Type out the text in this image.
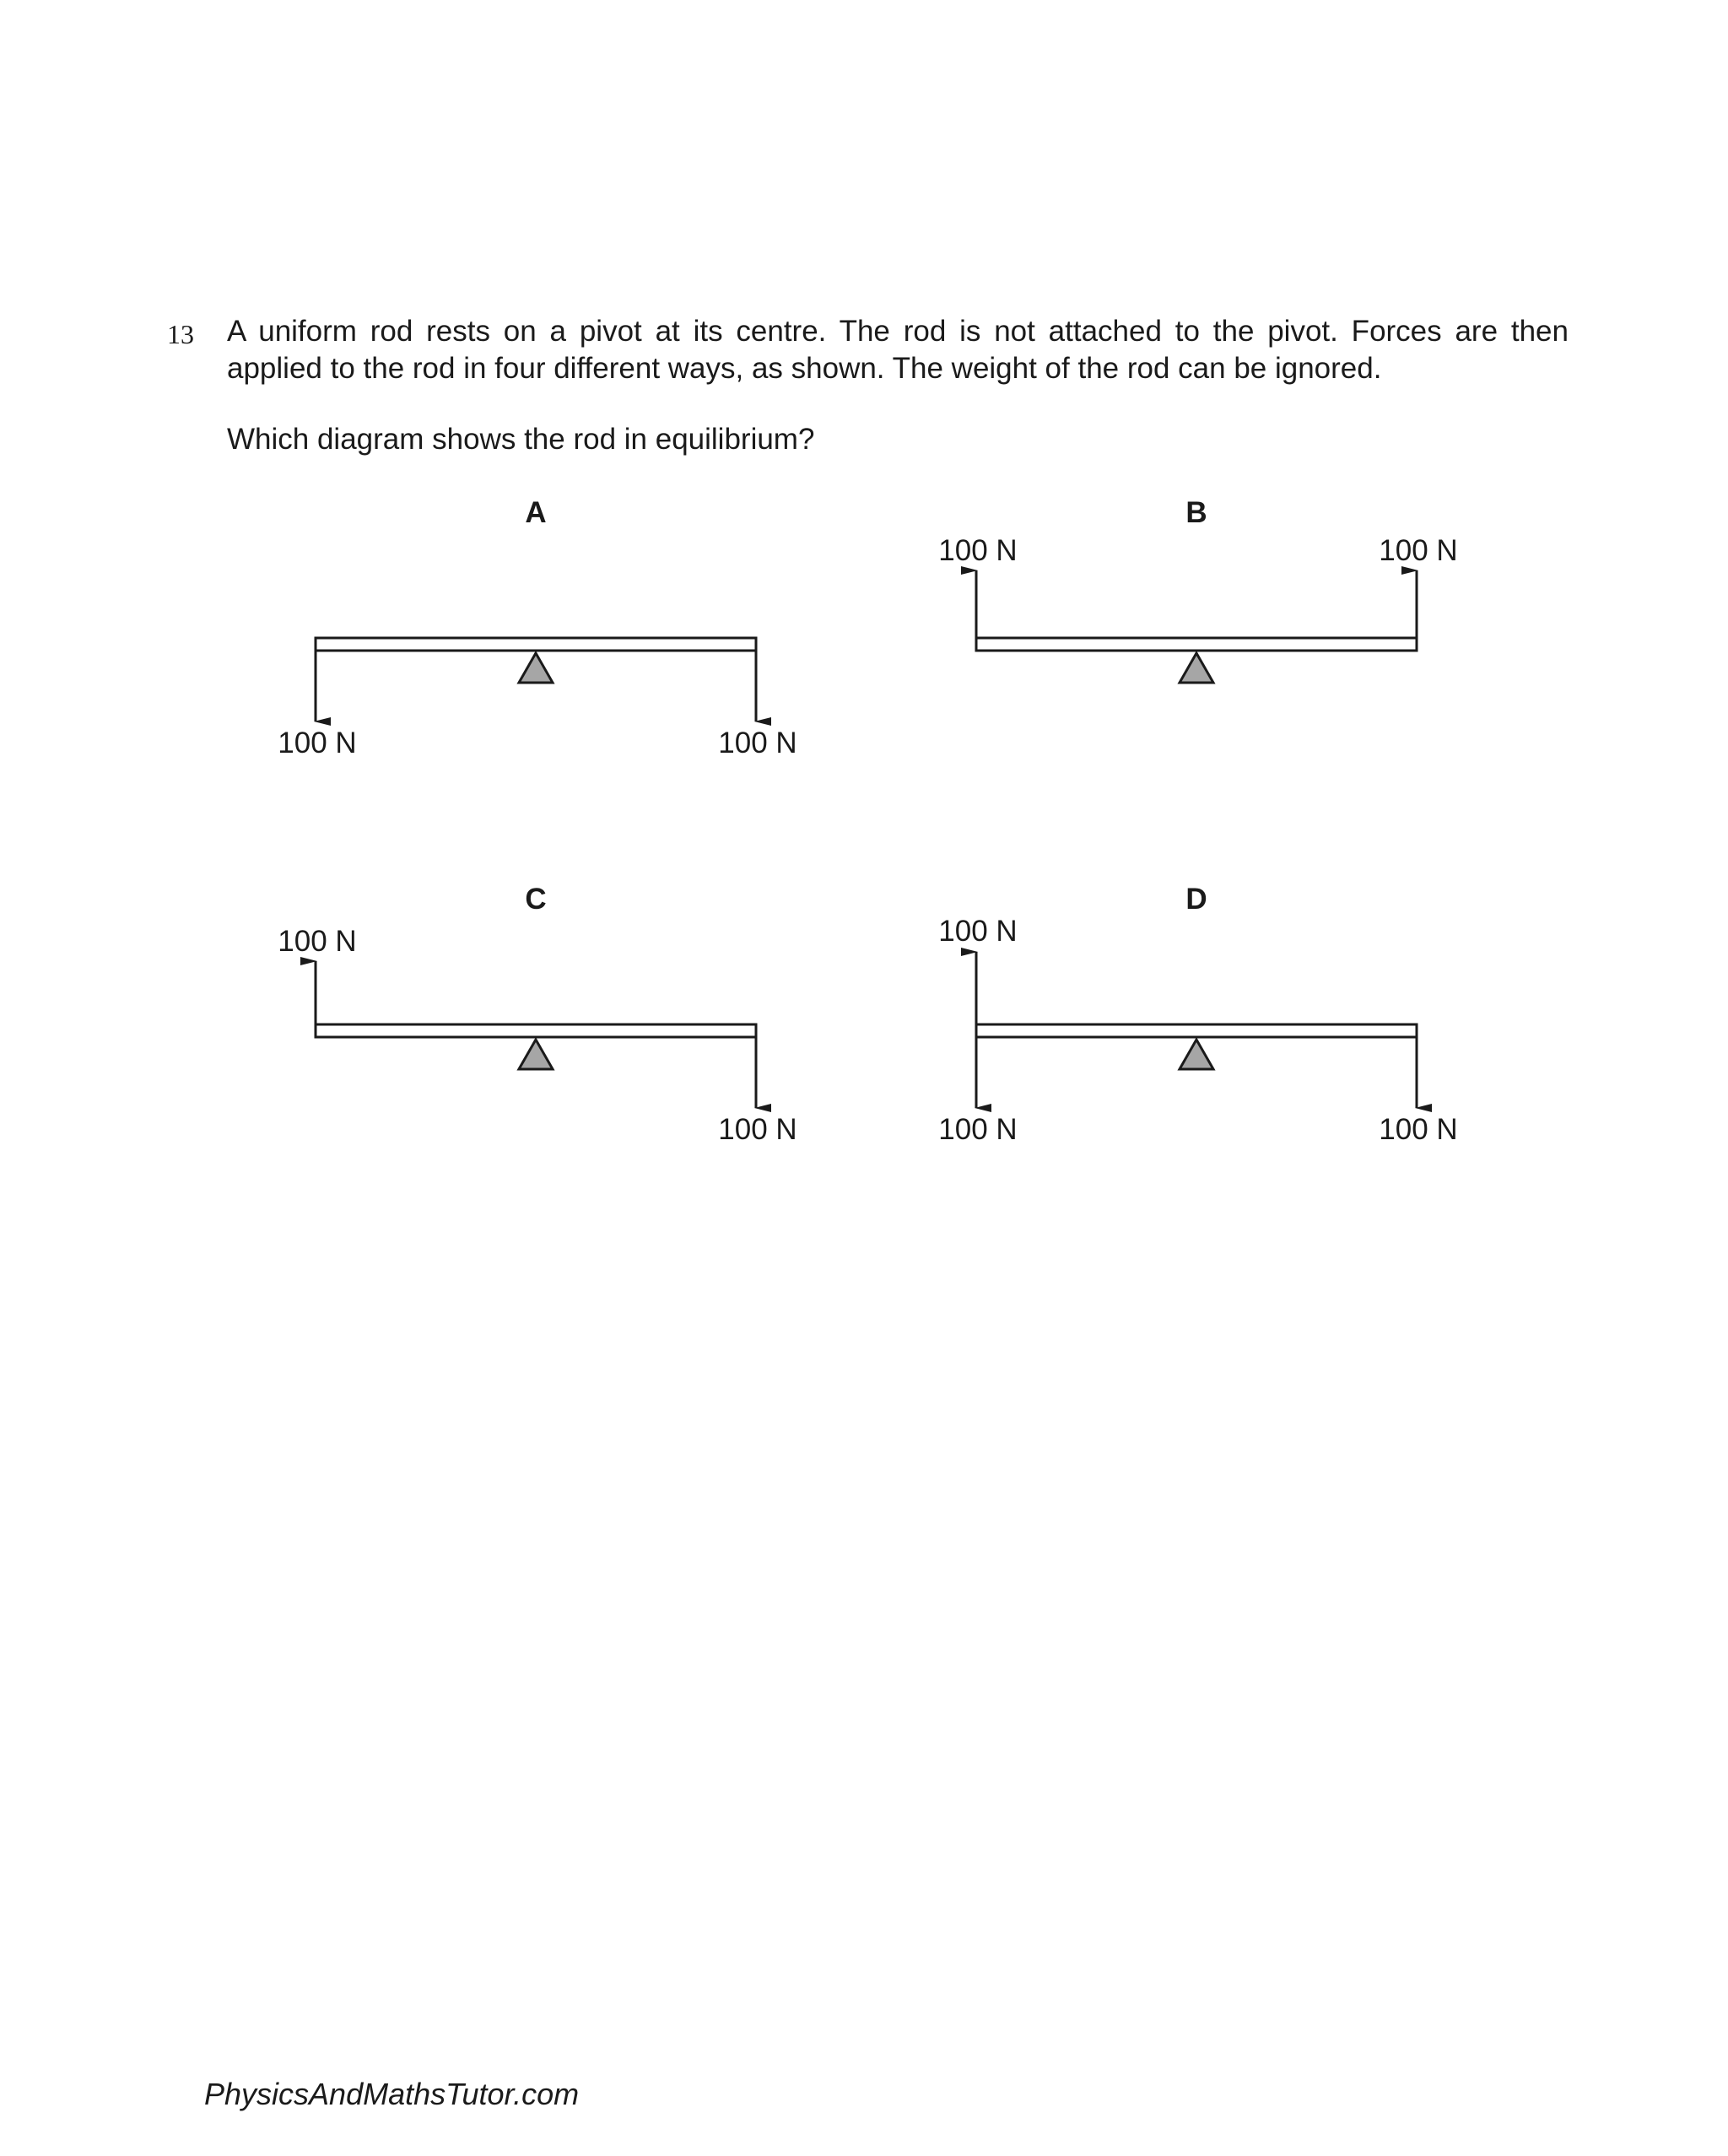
13 A uniform rod rests on a pivot at its centre. The rod is not attached to the pivot. Forces are then

applied to the rod in four different ways, as shown. The weight of the rod can be ignored.

Which diagram shows the rod in equilibrium?
A
100 N	100 N
B
100 N	100 N
C
100 N
100 N
D
100 N
100 N	100 N
PhysicsAndMathsTutor.com
